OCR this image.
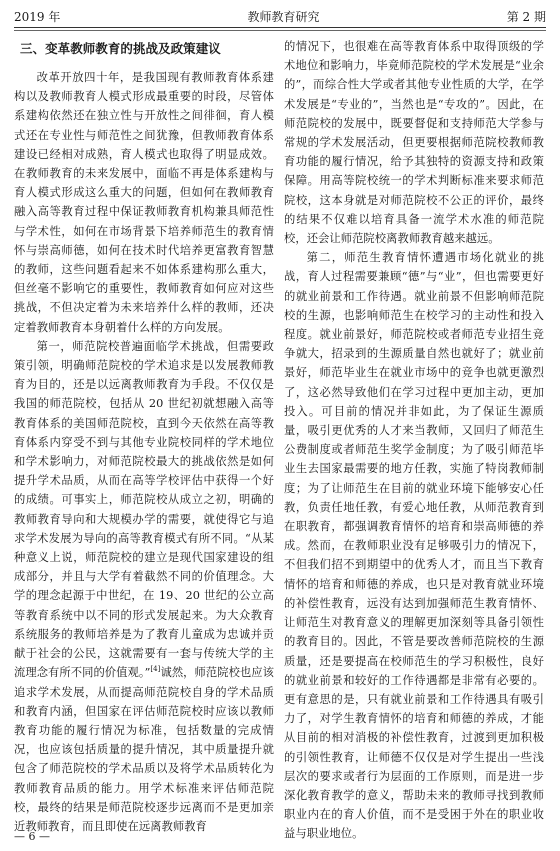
2019 年	教师教育研究	第 2 期
三、变革教师教育的挑战及政策建议

改革开放四十年，是我国现有教师教育体系建构以及教师教育人模式形成最重要的时段，尽管体系建构依然还在独立性与开放性之间徘徊，育人模式还在专业性与师范性之间犹豫，但教师教育体系建设已经相对成熟，育人模式也取得了明显成效。在教师教育的未来发展中，面临不再是体系建构与育人模式形成这么重大的问题，但如何在教师教育融入高等教育过程中保证教师教育机构兼具师范性与学术性，如何在市场背景下培养师范生的教育情怀与崇高师德，如何在技术时代培养更富教育智慧的教师，这些问题看起来不如体系建构那么重大，但丝毫不影响它的重要性，教师教育如何应对这些挑战，不但决定着为未来培养什么样的教师，还决定着教师教育本身朝着什么样的方向发展。

第一，师范院校普遍面临学术挑战，但需要政策引领，明确师范院校的学术追求是以发展教师教育为目的，还是以远离教师教育为手段。不仅仅是我国的师范院校，包括从 20 世纪初就想融入高等教育体系的美国师范院校，直到今天依然在高等教育体系内穿受不到与其他专业院校同样的学术地位和学术影响力，对师范院校最大的挑战依然是如何提升学术品质，从而在高等学校评估中获得一个好的成绩。可事实上，师范院校从成立之初，明确的教师教育导向和大规模办学的需要，就使得它与追求学术发展为导向的高等教育模式有所不同。“从某种意义上说，师范院校的建立是现代国家建设的组成部分，并且与大学有着截然不同的价值理念。大学的理念起源于中世纪，在 19、20 世纪的公立高等教育系统中以不同的形式发展起来。为大众教育系统服务的教师培养是为了教育儿童成为忠诚并贡献于社会的公民，这就需要有一套与传统大学的主流理念有所不同的价值观。”[4]诚然，师范院校也应该追求学术发展，从而提高师范院校自身的学术品质和教育内涵，但国家在评估师范院校时应该以教师教育功能的履行情况为标准，包括数量的完成情况，也应该包括质量的提升情况，其中质量提升就包含了师范院校的学术品质以及将学术品质转化为教师教育品质的能力。用学术标准来评估师范院校，最终的结果是师范院校逐步远离而不是更加亲近教师教育，而且即使在远离教师教育

的情况下，也很难在高等教育体系中取得顶级的学术地位和影响力，毕竟师范院校的学术发展是“业余的”，而综合性大学或者其他专业性质的大学，在学术发展是“专业的”，当然也是“专攻的”。因此，在师范院校的发展中，既要督促和支持师范大学参与常规的学术发展活动，但更要根据师范院校教师教育功能的履行情况，给予其独特的资源支持和政策保障。用高等院校统一的学术判断标准来要求师范院校，这本身就是对师范院校不公正的评价，最终的结果不仅难以培育具备一流学术水准的师范院校，还会让师范院校离教师教育越来越远。

第二，师范生教育情怀遭遇市场化就业的挑战，育人过程需要兼顾“德”与“业”，但也需要更好的就业前景和工作待遇。就业前景不但影响师范院校的生源，也影响师范生在校学习的主动性和投入程度。就业前景好，师范院校或者师范专业招生竞争就大，招录到的生源质量自然也就好了；就业前景好，师范毕业生在就业市场中的竞争也就更激烈了，这必然导致他们在学习过程中更加主动，更加投入。可目前的情况并非如此，为了保证生源质量，吸引更优秀的人才来当教师，又回归了师范生公费制度或者师范生奖学金制度；为了吸引师范毕业生去国家最需要的地方任教，实施了特岗教师制度；为了让师范生在目前的就业环境下能够安心任教，负责任地任教，有爱心地任教，从师范教育到在职教育，都强调教育情怀的培育和崇高师德的养成。然而，在教师职业没有足够吸引力的情况下，不但我们招不到期望中的优秀人才，而且当下教育情怀的培育和师德的养成，也只是对教育就业环境的补偿性教育，远没有达到加强师范生教育情怀、让师范生对教育意义的理解更加深刻等具备引领性的教育目的。因此，不管是要改善师范院校的生源质量，还是要提高在校师范生的学习积极性，良好的就业前景和较好的工作待遇都是非常有必要的。更有意思的是，只有就业前景和工作待遇具有吸引力了，对学生教育情怀的培育和师德的养成，才能从目前的相对消极的补偿性教育，过渡到更加积极的引领性教育，让师德不仅仅是对学生提出一些浅层次的要求或者行为层面的工作原则，而是进一步深化教育教学的意义，帮助未来的教师寻找到教师职业内在的育人价值，而不是受困于外在的职业收益与职业地位。

— 6 —
